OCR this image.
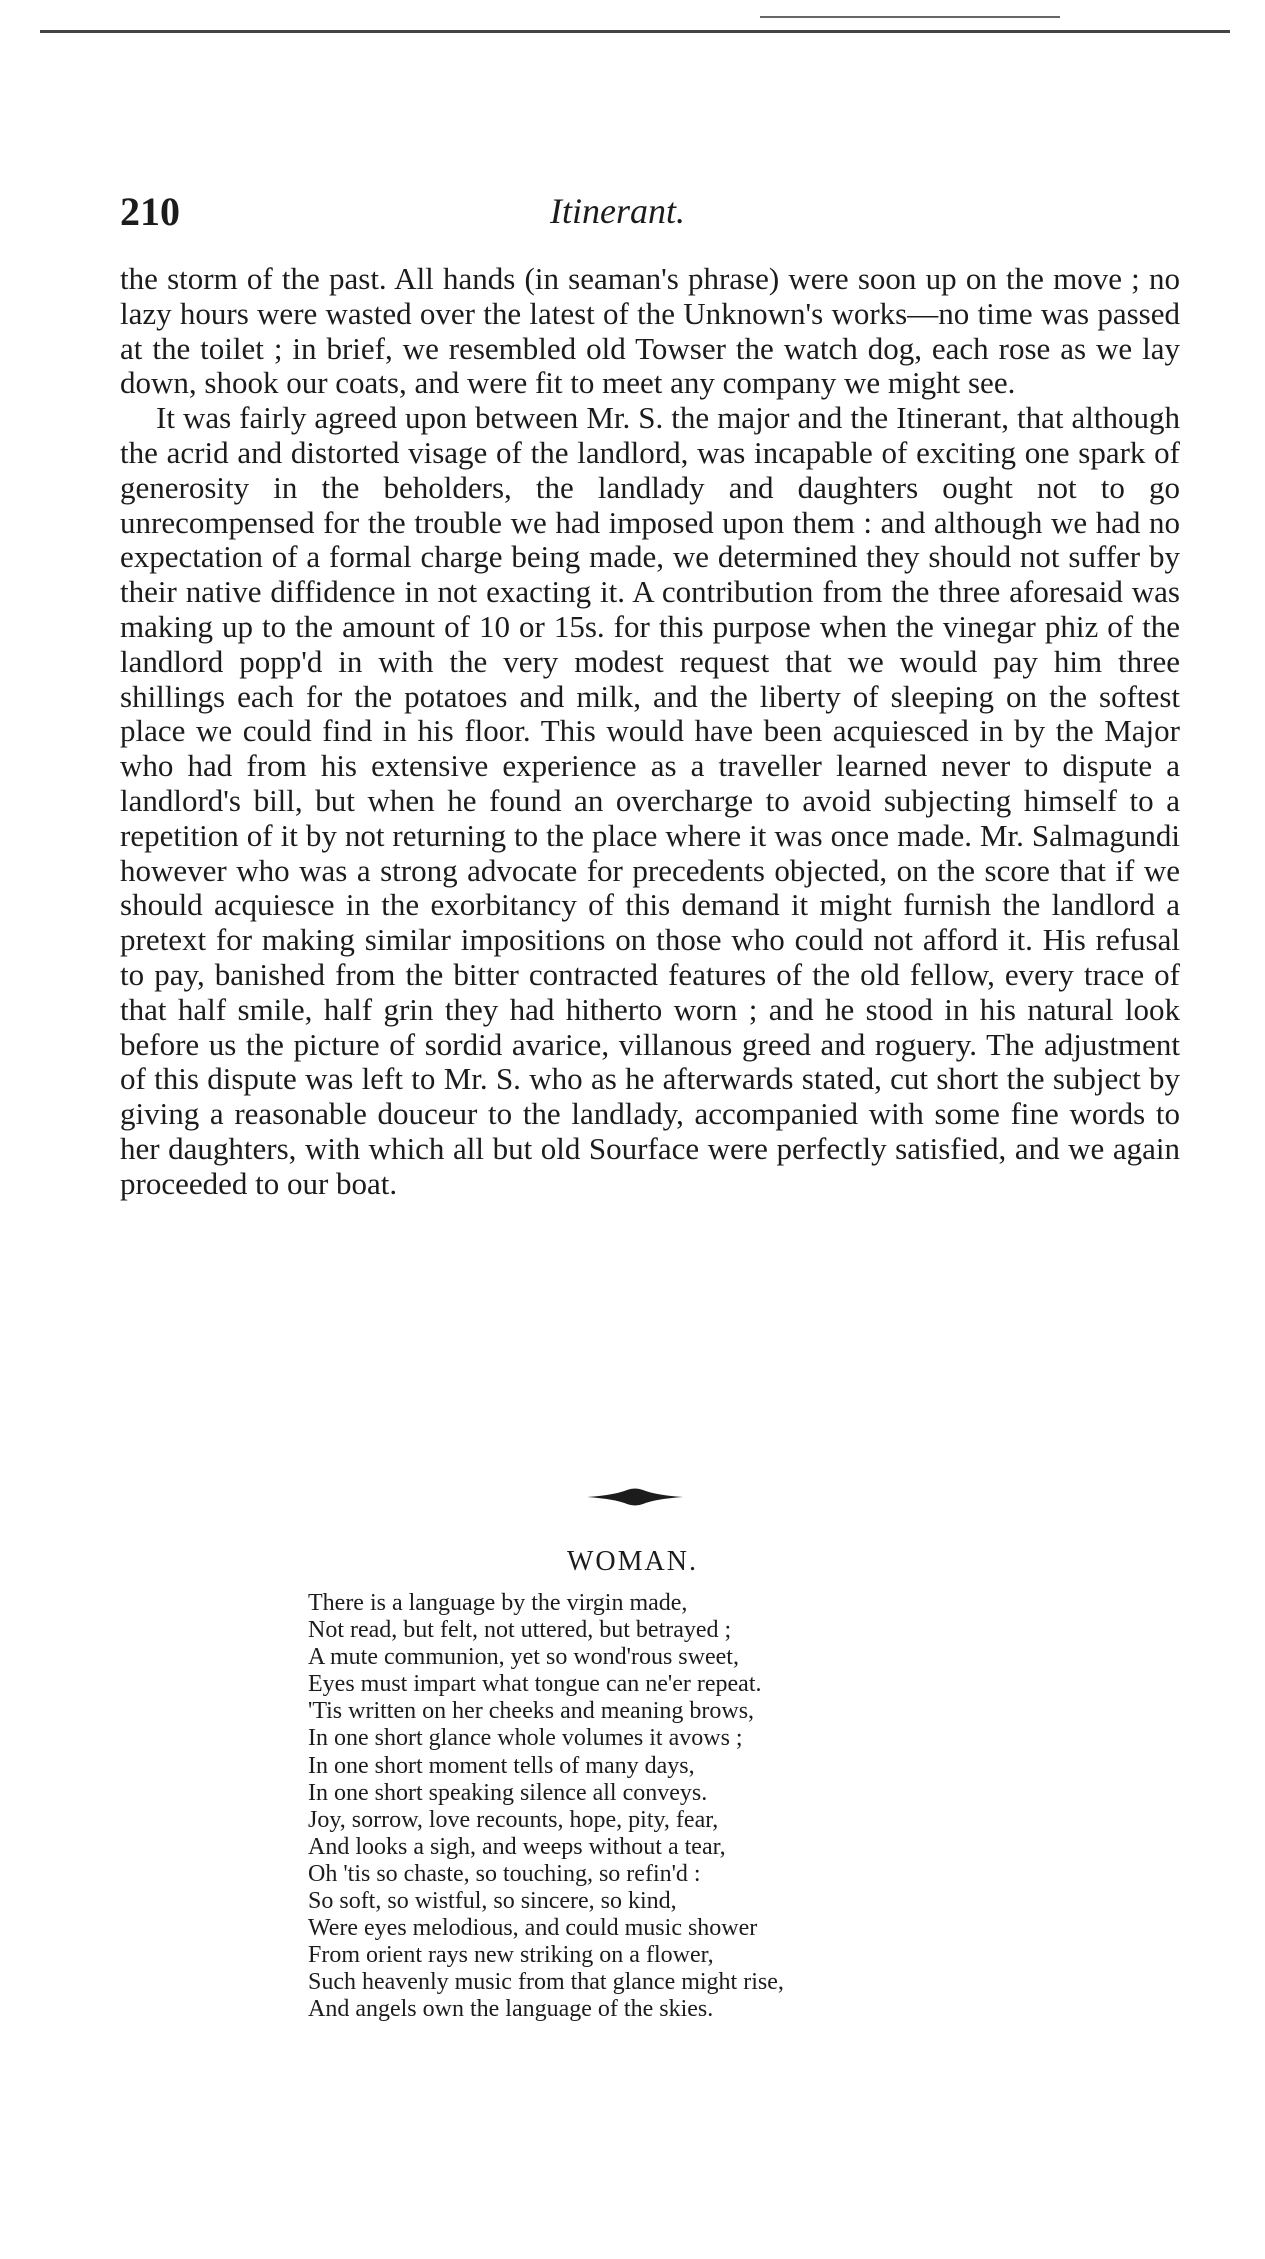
210	Itinerant.

the storm of the past. All hands (in seaman's phrase) were soon up on the move ; no lazy hours were wasted over the latest of the Unknown's works—no time was passed at the toilet ; in brief, we resembled old Towser the watch dog, each rose as we lay down, shook our coats, and were fit to meet any company we might see.

It was fairly agreed upon between Mr. S. the major and the Itinerant, that although the acrid and distorted visage of the landlord, was incapable of exciting one spark of generosity in the beholders, the landlady and daughters ought not to go unrecompensed for the trouble we had imposed upon them : and although we had no expectation of a formal charge being made, we determined they should not suffer by their native diffidence in not exacting it. A contribution from the three aforesaid was making up to the amount of 10 or 15s. for this purpose when the vinegar phiz of the landlord popp'd in with the very modest request that we would pay him three shillings each for the potatoes and milk, and the liberty of sleeping on the softest place we could find in his floor. This would have been acquiesced in by the Major who had from his extensive experience as a traveller learned never to dispute a landlord's bill, but when he found an overcharge to avoid subjecting himself to a repetition of it by not returning to the place where it was once made. Mr. Salmagundi however who was a strong advocate for precedents objected, on the score that if we should acquiesce in the exorbitancy of this demand it might furnish the landlord a pretext for making similar impositions on those who could not afford it. His refusal to pay, banished from the bitter contracted features of the old fellow, every trace of that half smile, half grin they had hitherto worn ; and he stood in his natural look before us the picture of sordid avarice, villanous greed and roguery. The adjustment of this dispute was left to Mr. S. who as he afterwards stated, cut short the subject by giving a reasonable douceur to the landlady, accompanied with some fine words to her daughters, with which all but old Sourface were perfectly satisfied, and we again proceeded to our boat.

WOMAN.
There is a language by the virgin made,
Not read, but felt, not uttered, but betrayed ;
A mute communion, yet so wond'rous sweet,
Eyes must impart what tongue can ne'er repeat.
'Tis written on her cheeks and meaning brows,
In one short glance whole volumes it avows ;
In one short moment tells of many days,
In one short speaking silence all conveys.
Joy, sorrow, love recounts, hope, pity, fear,
And looks a sigh, and weeps without a tear,
Oh 'tis so chaste, so touching, so refin'd :
So soft, so wistful, so sincere, so kind,
Were eyes melodious, and could music shower
From orient rays new striking on a flower,
Such heavenly music from that glance might rise,
And angels own the language of the skies.
